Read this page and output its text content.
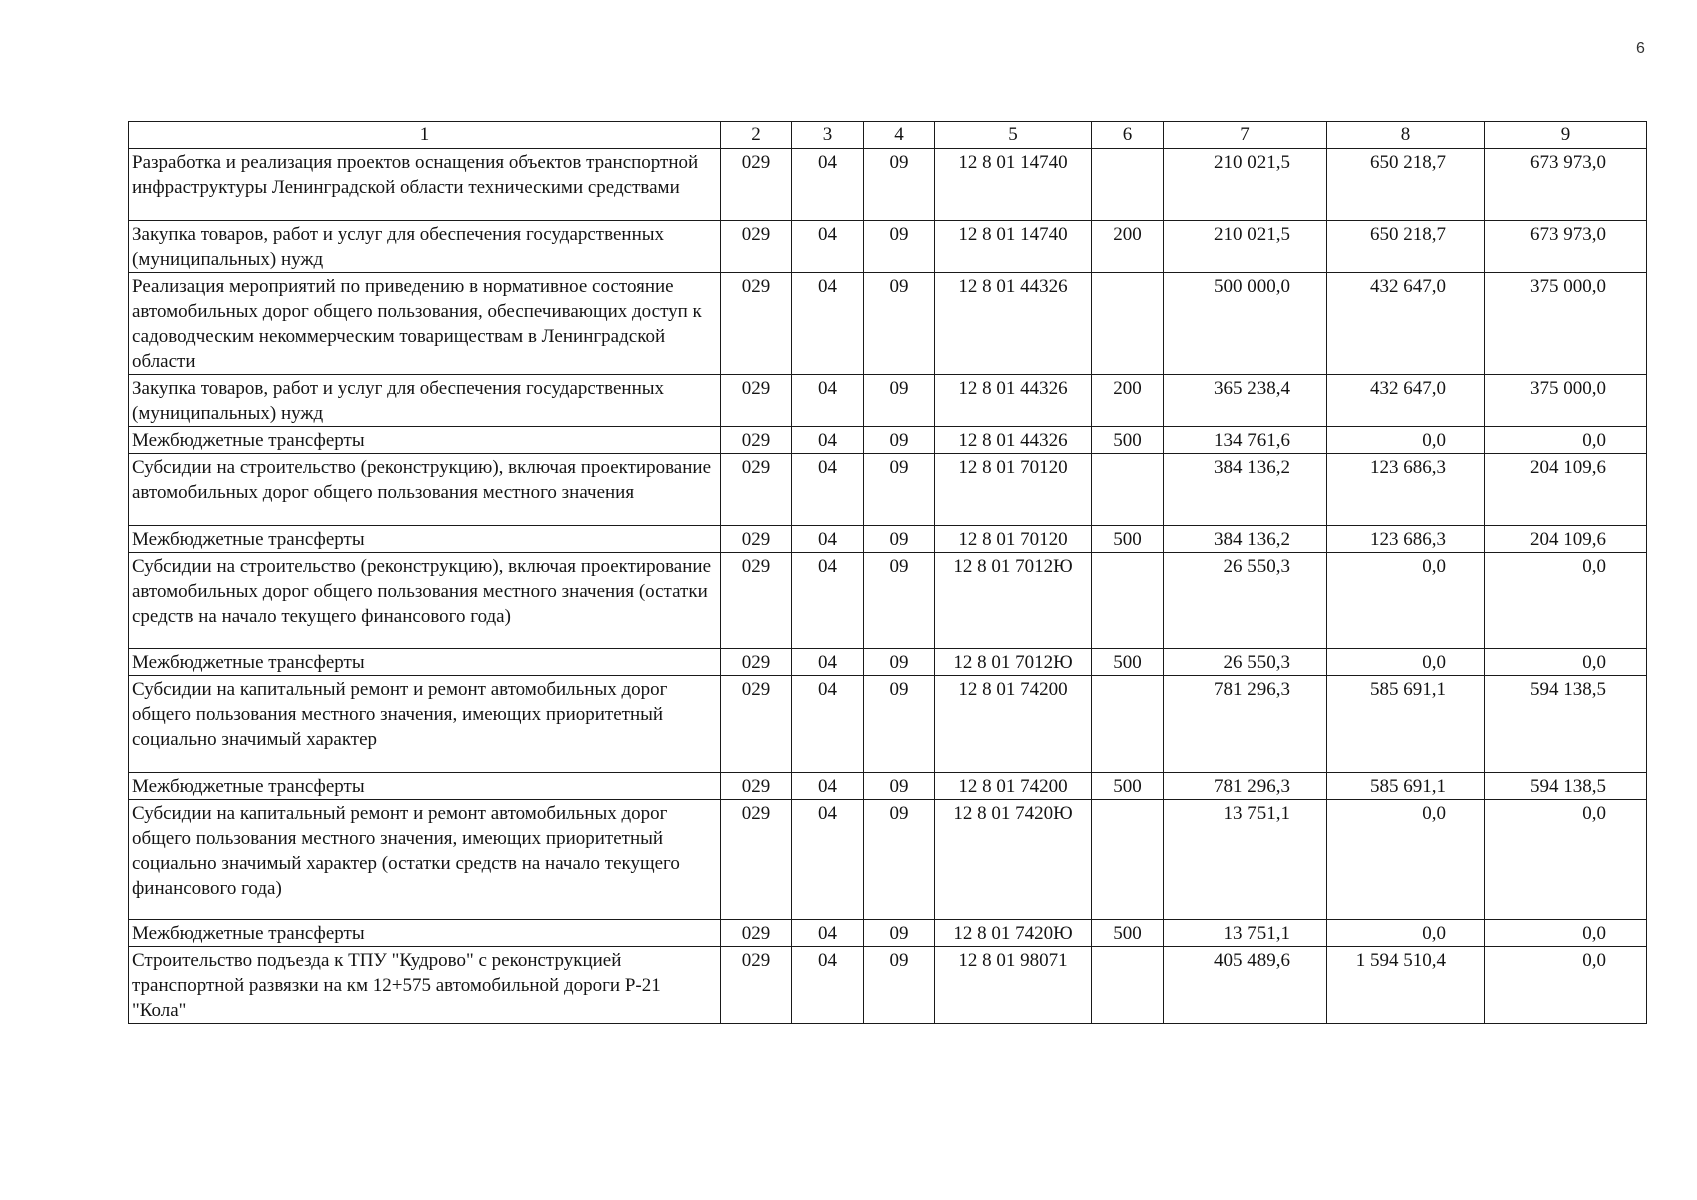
6
1	2	3	4	5	6	7	8	9
Разработка и реализация проектов оснащения объектов транспортной инфраструктуры Ленинградской области техническими средствами	029	04	09	12 8 01 14740		210 021,5	650 218,7	673 973,0
Закупка товаров, работ и услуг для обеспечения государственных (муниципальных) нужд	029	04	09	12 8 01 14740	200	210 021,5	650 218,7	673 973,0
Реализация мероприятий по приведению в нормативное состояние автомобильных дорог общего пользования, обеспечивающих доступ к садоводческим некоммерческим товариществам в Ленинградской области	029	04	09	12 8 01 44326		500 000,0	432 647,0	375 000,0
Закупка товаров, работ и услуг для обеспечения государственных (муниципальных) нужд	029	04	09	12 8 01 44326	200	365 238,4	432 647,0	375 000,0
Межбюджетные трансферты	029	04	09	12 8 01 44326	500	134 761,6	0,0	0,0
Субсидии на строительство (реконструкцию), включая проектирование автомобильных дорог общего пользования местного значения	029	04	09	12 8 01 70120		384 136,2	123 686,3	204 109,6
Межбюджетные трансферты	029	04	09	12 8 01 70120	500	384 136,2	123 686,3	204 109,6
Субсидии на строительство (реконструкцию), включая проектирование автомобильных дорог общего пользования местного значения (остатки средств на начало текущего финансового года)	029	04	09	12 8 01 7012Ю		26 550,3	0,0	0,0
Межбюджетные трансферты	029	04	09	12 8 01 7012Ю	500	26 550,3	0,0	0,0
Субсидии на капитальный ремонт и ремонт автомобильных дорог общего пользования местного значения, имеющих приоритетный социально значимый характер	029	04	09	12 8 01 74200		781 296,3	585 691,1	594 138,5
Межбюджетные трансферты	029	04	09	12 8 01 74200	500	781 296,3	585 691,1	594 138,5
Субсидии на капитальный ремонт и ремонт автомобильных дорог общего пользования местного значения, имеющих приоритетный социально значимый характер (остатки средств на начало текущего финансового года)	029	04	09	12 8 01 7420Ю		13 751,1	0,0	0,0
Межбюджетные трансферты	029	04	09	12 8 01 7420Ю	500	13 751,1	0,0	0,0
Строительство подъезда к ТПУ "Кудрово" с реконструкцией транспортной развязки на км 12+575 автомобильной дороги Р-21 "Кола"	029	04	09	12 8 01 98071		405 489,6	1 594 510,4	0,0
